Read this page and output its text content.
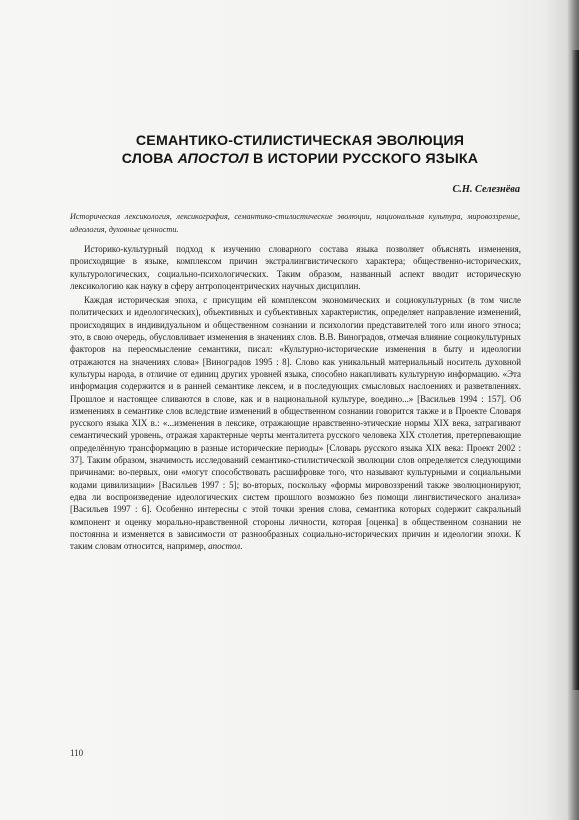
СЕМАНТИКО-СТИЛИСТИЧЕСКАЯ ЭВОЛЮЦИЯ
СЛОВА АПОСТОЛ В ИСТОРИИ РУССКОГО ЯЗЫКА
С.Н. Селезнёва
Историческая лексикология, лексикография, семантико-стилистические эволюции, национальная культура, мировоззрение, идеология, духовные ценности.

Историко-культурный подход к изучению словарного состава языка позволяет объяснять изменения, происходящие в языке, комплексом причин экстралингвистического характера; общественно-исторических, культурологических, социально-психологических. Таким образом, названный аспект вводит историческую лексикологию как науку в сферу антропоцентрических научных дисциплин.

Каждая историческая эпоха, с присущим ей комплексом экономических и социокультурных (в том числе политических и идеологических), объективных и субъективных характеристик, определяет направление изменений, происходящих в индивидуальном и общественном сознании и психологии представителей того или иного этноса; это, в свою очередь, обусловливает изменения в значениях слов. В.В. Виноградов, отмечая влияние социокультурных факторов на переосмысление семантики, писал: «Культурно-исторические изменения в быту и идеологии отражаются на значениях слова» [Виноградов 1995 : 8]. Слово как уникальный материальный носитель духовной культуры народа, в отличие от единиц других уровней языка, способно накапливать культурную информацию. «Эта информация содержится и в ранней семантике лексем, и в последующих смысловых наслоениях и разветвлениях. Прошлое и настоящее сливаются в слове, как и в национальной культуре, воедино...» [Васильев 1994 : 157]. Об изменениях в семантике слов вследствие изменений в общественном сознании говорится также и в Проекте Словаря русского языка XIX в.: «...изменения в лексике, отражающие нравственно-этические нормы XIX века, затрагивают семантический уровень, отражая характерные черты менталитета русского человека XIX столетия, претерпевающие определённую трансформацию в разные исторические периоды» [Словарь русского языка XIX века: Проект 2002 : 37]. Таким образом, значимость исследований семантико-стилистической эволюции слов определяется следующими причинами: во-первых, они «могут способствовать расшифровке того, что называют культурными и социальными кодами цивилизации» [Васильев 1997 : 5]; во-вторых, поскольку «формы мировоззрений также эволюционируют, едва ли воспроизведение идеологических систем прошлого возможно без помощи лингвистического анализа» [Васильев 1997 : 6]. Особенно интересны с этой точки зрения слова, семантика которых содержит сакральный компонент и оценку морально-нравственной стороны личности, которая [оценка] в общественном сознании не постоянна и изменяется в зависимости от разнообразных социально-исторических причин и идеологии эпохи. К таким словам относится, например, апостол.

110
